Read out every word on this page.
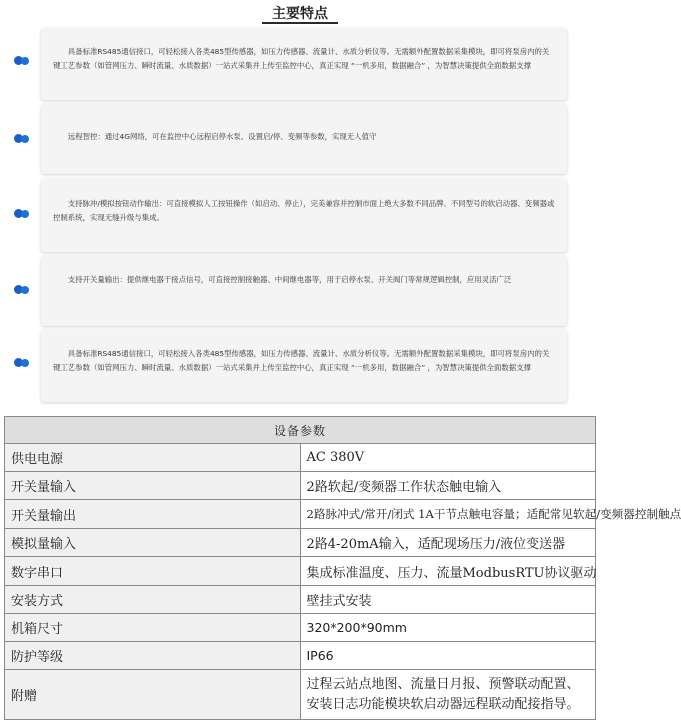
主要特点

具备标准RS485通信接口，可轻松接入各类485型传感器，如压力传感器、流量计、水质分析仪等。无需额外配置数据采集模块，即可将泵房内的关键工艺参数（如管网压力、瞬时流量、水质数据）一站式采集并上传至监控中心，真正实现 “一机多用，数据融合” ，为智慧决策提供全面数据支撑

远程智控：通过4G网络，可在监控中心远程启停水泵、设置启/停、变频等参数，实现无人值守

支持脉冲/模拟按钮动作输出：可直接模拟人工按钮操作（如启动、停止），完美兼容并控制市面上绝大多数不同品牌、不同型号的软启动器、变频器或控制系统，实现无缝升级与集成。

支持开关量输出：提供继电器干接点信号，可直接控制接触器、中间继电器等，用于启停水泵、开关阀门等常规逻辑控制，应用灵活广泛

具备标准RS485通信接口，可轻松接入各类485型传感器，如压力传感器、流量计、水质分析仪等。无需额外配置数据采集模块，即可将泵房内的关键工艺参数（如管网压力、瞬时流量、水质数据）一站式采集并上传至监控中心，真正实现 “一机多用，数据融合” ，为智慧决策提供全面数据支撑

设备参数	
供电电源	AC 380V
开关量输入	2路软起/变频器工作状态触电输入
开关量输出	2路脉冲式/常开/闭式 1A干节点触电容量；适配常见软起/变频器控制触点
模拟量输入	2路4-20mA输入，适配现场压力/液位变送器
数字串口	集成标准温度、压力、流量ModbusRTU协议驱动
安装方式	壁挂式安装
机箱尺寸	320*200*90mm
防护等级	IP66
附赠	过程云站点地图、流量日月报、预警联动配置、安装日志功能模块软启动器远程联动配接指导。
